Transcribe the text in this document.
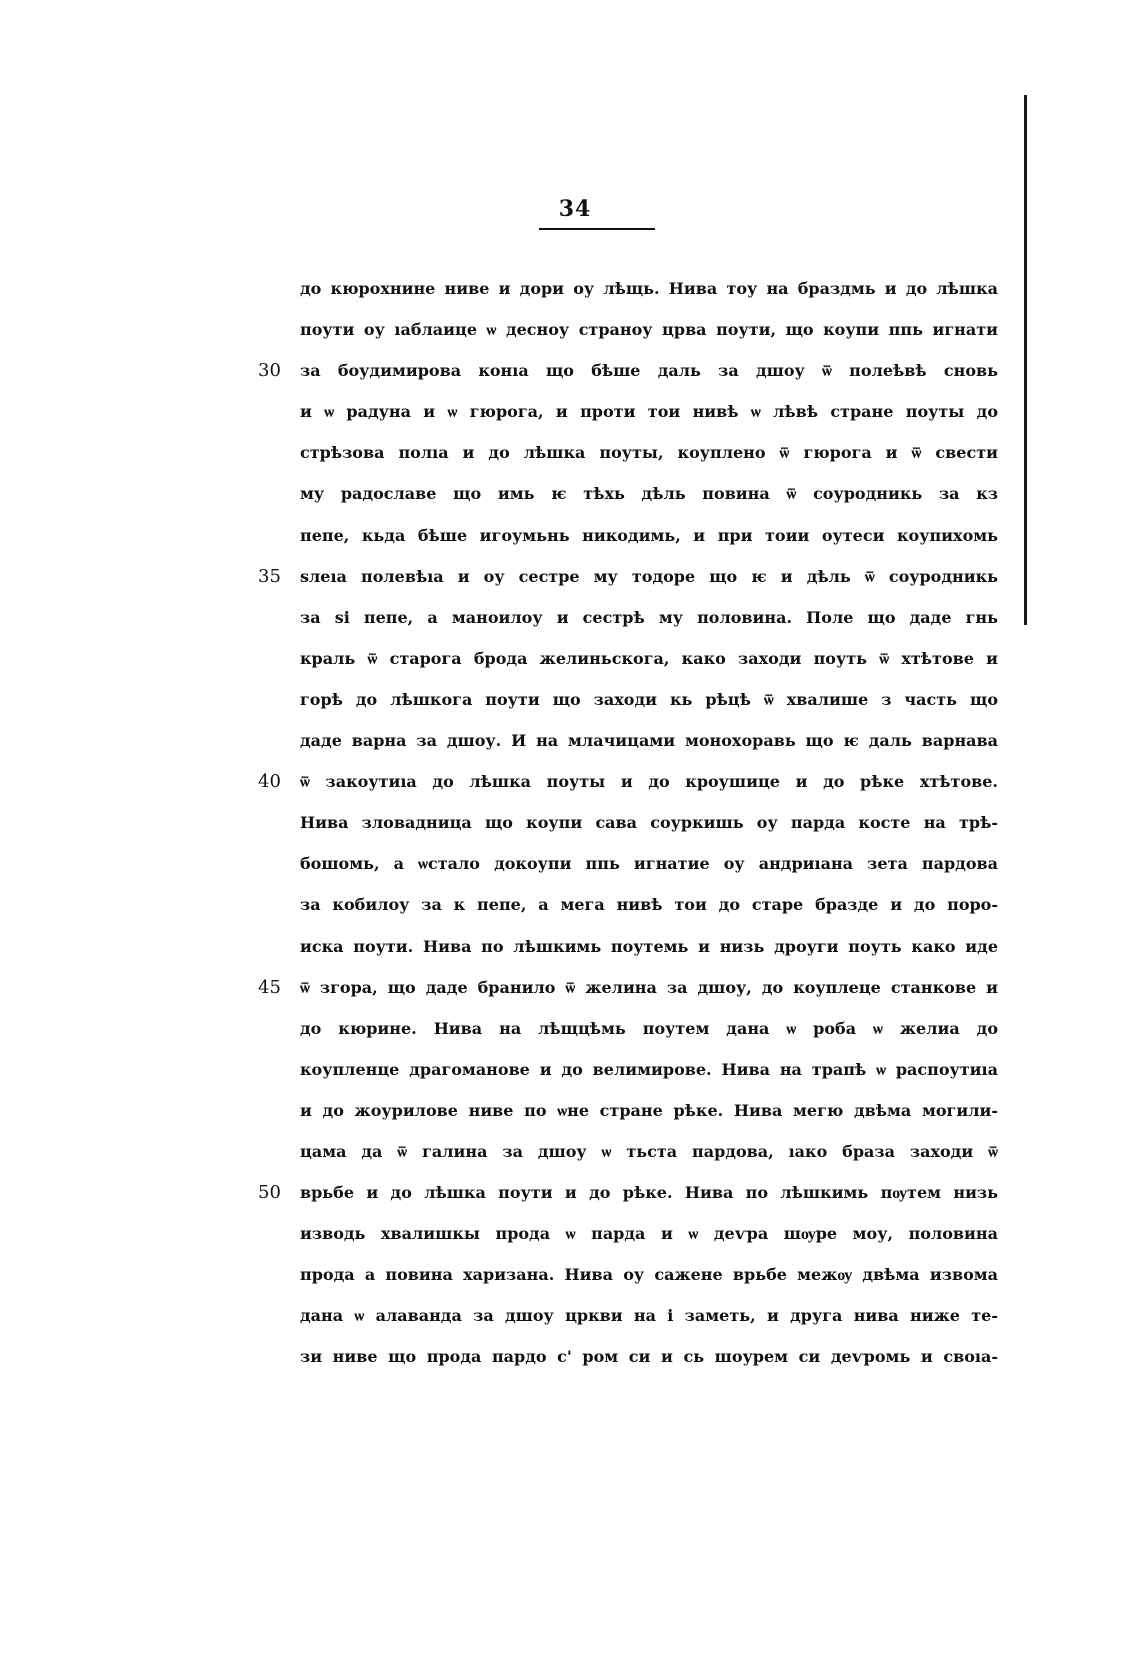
34
до кюрохнине ниве и дори оу лѣщь. Нива тоу на браздмь и до лѣшка
поути оу ıаблаице ѡ десноу страноу црва поути, що коупи ппь игнати
30	за боудимирова конıа що бѣше даль за дшоу ѿ полеѣвѣ сновь
и ѡ радуна и ѡ гюрогa, и проти тои нивѣ ѡ лѣвѣ стране поуты до
стрѣзова полıа и до лѣшка поуты, коуплено ѿ гюрогa и ѿ свести
му радославе що имь ѥ тѣхь дѣль повина ѿ соуродникь за кз
пепе, кьда бѣше игоумьнь никодимь, и при тоии оутеси коупихомь
35	ѕлеıа полевѣıа и оу сестре му тодоре що ѥ и дѣль ѿ соуродникь
за ѕі пепе, а маноилоу и сестрѣ му половина. Поле що даде гнь
краль ѿ старога брода желиньскога, како заходи поуть ѿ хтѣтове и
горѣ до лѣшкога поути що заходи кь рѣцѣ ѿ хвалише з часть що
даде варна за дшоу. И на млачицами монохоравь що ѥ даль варнава
40	ѿ закоутиıа до лѣшка поуты и до кроушице и до рѣке хтѣтове.
Нива зловадница що коупи сава соуркишь оу парда косте на трѣ-
бошомь, а ѡстало докоупи ппь игнатие оу андриıана зета пардова
за кобилоу за к пепе, а мега нивѣ тои до старе бразде и до поро-
иска поути. Нива по лѣшкимь поутемь и низь дроуги поуть како иде
45	ѿ згора, що даде бранило ѿ желина за дшоу, до коуплеце станкове и
до кюрине. Нива на лѣщцѣмь поутем дана ѡ роба ѡ желиа до
коупленце драгоманове и до велимирове. Нива на трапѣ ѡ распоутиıа
и до жоуриловe ниве по ѡне стране рѣке. Нива мегю двѣма могили-
цама да ѿ галина за дшоу ѡ тьста пардова, ıако браза заходи ѿ
50	врьбе и до лѣшка поути и до рѣке. Нива по лѣшкимь пѹтем низь
изводь хвалишкы прода ѡ парда и ѡ деѵра шѹре моу, половина
прода а повина харизана. Нива оу сажене врьбе межѹ двѣма извома
дана ѡ алаванда за дшоу цркви на і заметь, и друга нива ниже те-
зи ниве що прода пардо с' ром си и сь шоурем си деѵромь и своıа-
